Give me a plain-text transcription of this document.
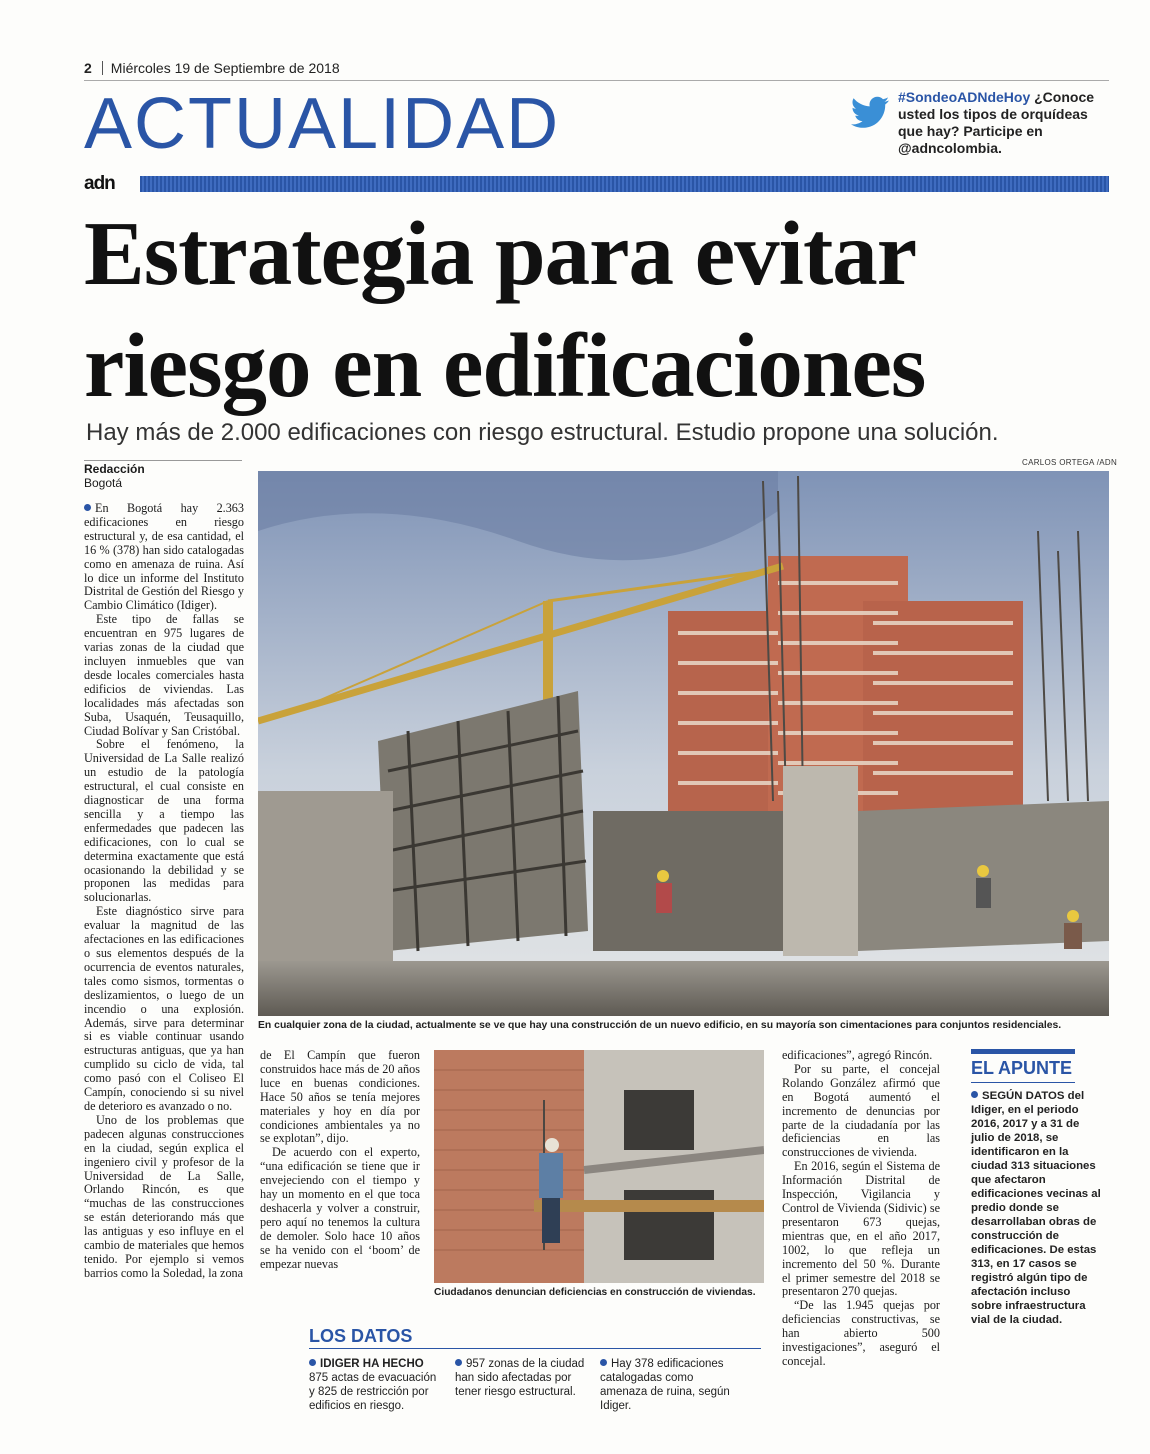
2 Miércoles 19 de Septiembre de 2018
ACTUALIDAD	#SondeoADNdeHoy ¿Conoce usted los tipos de orquídeas que hay? Participe en @adncolombia.
adn
Estrategia para evitar
riesgo en edificaciones
Hay más de 2.000 edificaciones con riesgo estructural. Estudio propone una solución.
Redacción
Bogotá
CARLOS ORTEGA /ADN

En Bogotá hay 2.363 edificaciones en riesgo estructural y, de esa cantidad, el 16 % (378) han sido catalogadas como en amenaza de ruina. Así lo dice un informe del Instituto Distrital de Gestión del Riesgo y Cambio Climático (Idiger).

Este tipo de fallas se encuentran en 975 lugares de varias zonas de la ciudad que incluyen inmuebles que van desde locales comerciales hasta edificios de viviendas. Las localidades más afectadas son Suba, Usaquén, Teusaquillo, Ciudad Bolívar y San Cristóbal.

Sobre el fenómeno, la Universidad de La Salle realizó un estudio de la patología estructural, el cual consiste en diagnosticar de una forma sencilla y a tiempo las enfermedades que padecen las edificaciones, con lo cual se determina exactamente que está ocasionando la debilidad y se proponen las medidas para solucionarlas.

Este diagnóstico sirve para evaluar la magnitud de las afectaciones en las edificaciones o sus elementos después de la ocurrencia de eventos naturales, tales como sismos, tormentas o deslizamientos, o luego de un incendio o una explosión. Además, sirve para determinar si es viable continuar usando estructuras antiguas, que ya han cumplido su ciclo de vida, tal como pasó con el Coliseo El Campín, conociendo si su nivel de deterioro es avanzado o no.

Uno de los problemas que padecen algunas construcciones en la ciudad, según explica el ingeniero civil y profesor de la Universidad de La Salle, Orlando Rincón, es que “muchas de las construcciones se están deteriorando más que las antiguas y eso influye en el cambio de materiales que hemos tenido. Por ejemplo si vemos barrios como la Soledad, la zona

En cualquier zona de la ciudad, actualmente se ve que hay una construcción de un nuevo edificio, en su mayoría son cimentaciones para conjuntos residenciales.

de El Campín que fueron construidos hace más de 20 años luce en buenas condiciones. Hace 50 años se tenía mejores materiales y hoy en día por condiciones ambientales ya no se explotan”, dijo.

De acuerdo con el experto, “una edificación se tiene que ir envejeciendo con el tiempo y hay un momento en el que toca deshacerla y volver a construir, pero aquí no tenemos la cultura de demoler. Solo hace 10 años se ha venido con el ‘boom’ de empezar nuevas

Ciudadanos denuncian deficiencias en construcción de viviendas.

edificaciones”, agregó Rincón.

Por su parte, el concejal Rolando González afirmó que en Bogotá aumentó el incremento de denuncias por parte de la ciudadanía por las deficiencias en las construcciones de vivienda.

En 2016, según el Sistema de Información Distrital de Inspección, Vigilancia y Control de Vivienda (Sidivic) se presentaron 673 quejas, mientras que, en el año 2017, 1002, lo que refleja un incremento del 50 %. Durante el primer semestre del 2018 se presentaron 270 quejas.

“De las 1.945 quejas por deficiencias constructivas, se han abierto 500 investigaciones”, aseguró el concejal.

LOS DATOS
IDIGER HA HECHO 875 actas de evacuación y 825 de restricción por edificios en riesgo.
957 zonas de la ciudad han sido afectadas por tener riesgo estructural.
Hay 378 edificaciones catalogadas como amenaza de ruina, según Idiger.
EL APUNTE
SEGÚN DATOS del Idiger, en el periodo 2016, 2017 y a 31 de julio de 2018, se identificaron en la ciudad 313 situaciones que afectaron edificaciones vecinas al predio donde se desarrollaban obras de construcción de edificaciones. De estas 313, en 17 casos se registró algún tipo de afectación incluso sobre infraestructura vial de la ciudad.
